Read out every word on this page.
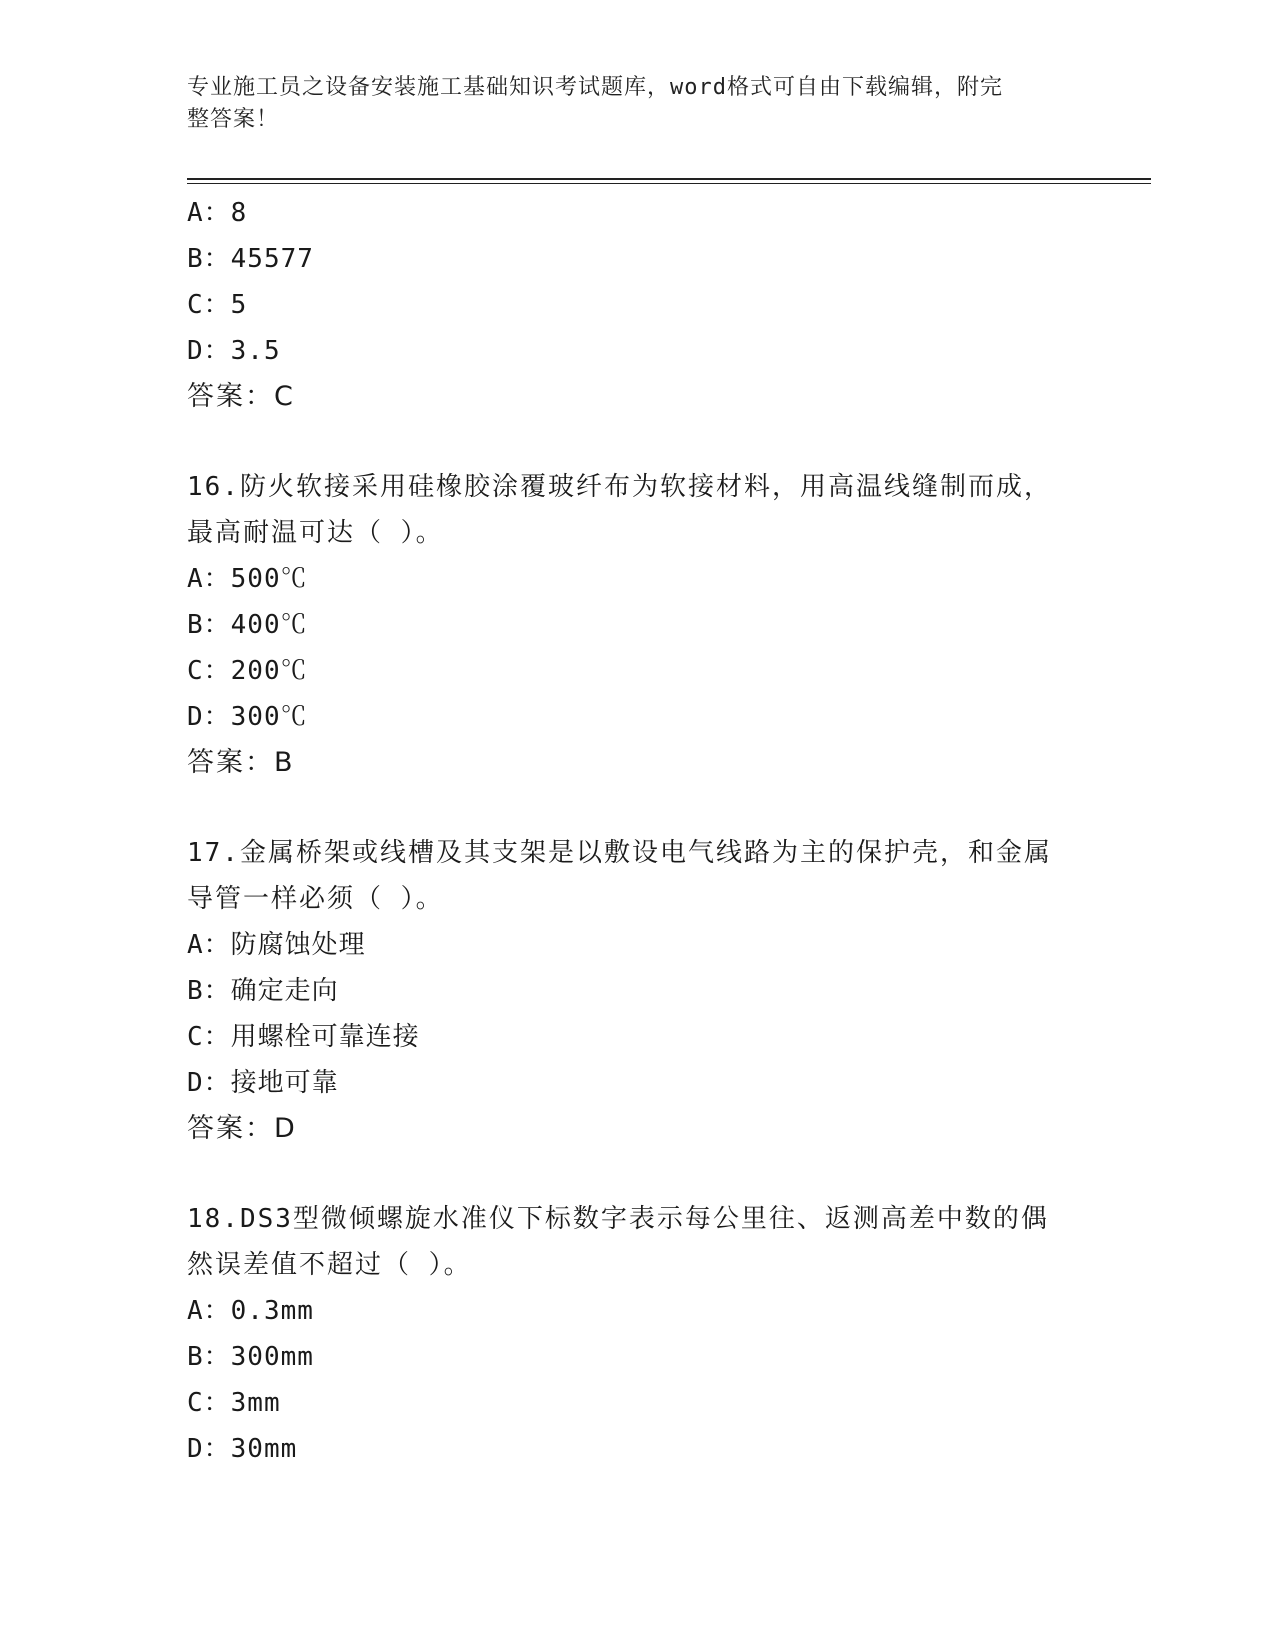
专业施工员之设备安装施工基础知识考试题库，word格式可自由下载编辑，附完
整答案！
A：8
B：45577
C：5
D：3.5
答案：C
16.防火软接采用硅橡胶涂覆玻纤布为软接材料，用高温线缝制而成，
最高耐温可达（ ）。
A：500℃
B：400℃
C：200℃
D：300℃
答案：B
17.金属桥架或线槽及其支架是以敷设电气线路为主的保护壳，和金属
导管一样必须（ ）。
A：防腐蚀处理
B：确定走向
C：用螺栓可靠连接
D：接地可靠
答案：D
18.DS3型微倾螺旋水准仪下标数字表示每公里往、返测高差中数的偶
然误差值不超过（ ）。
A：0.3mm
B：300mm
C：3mm
D：30mm
